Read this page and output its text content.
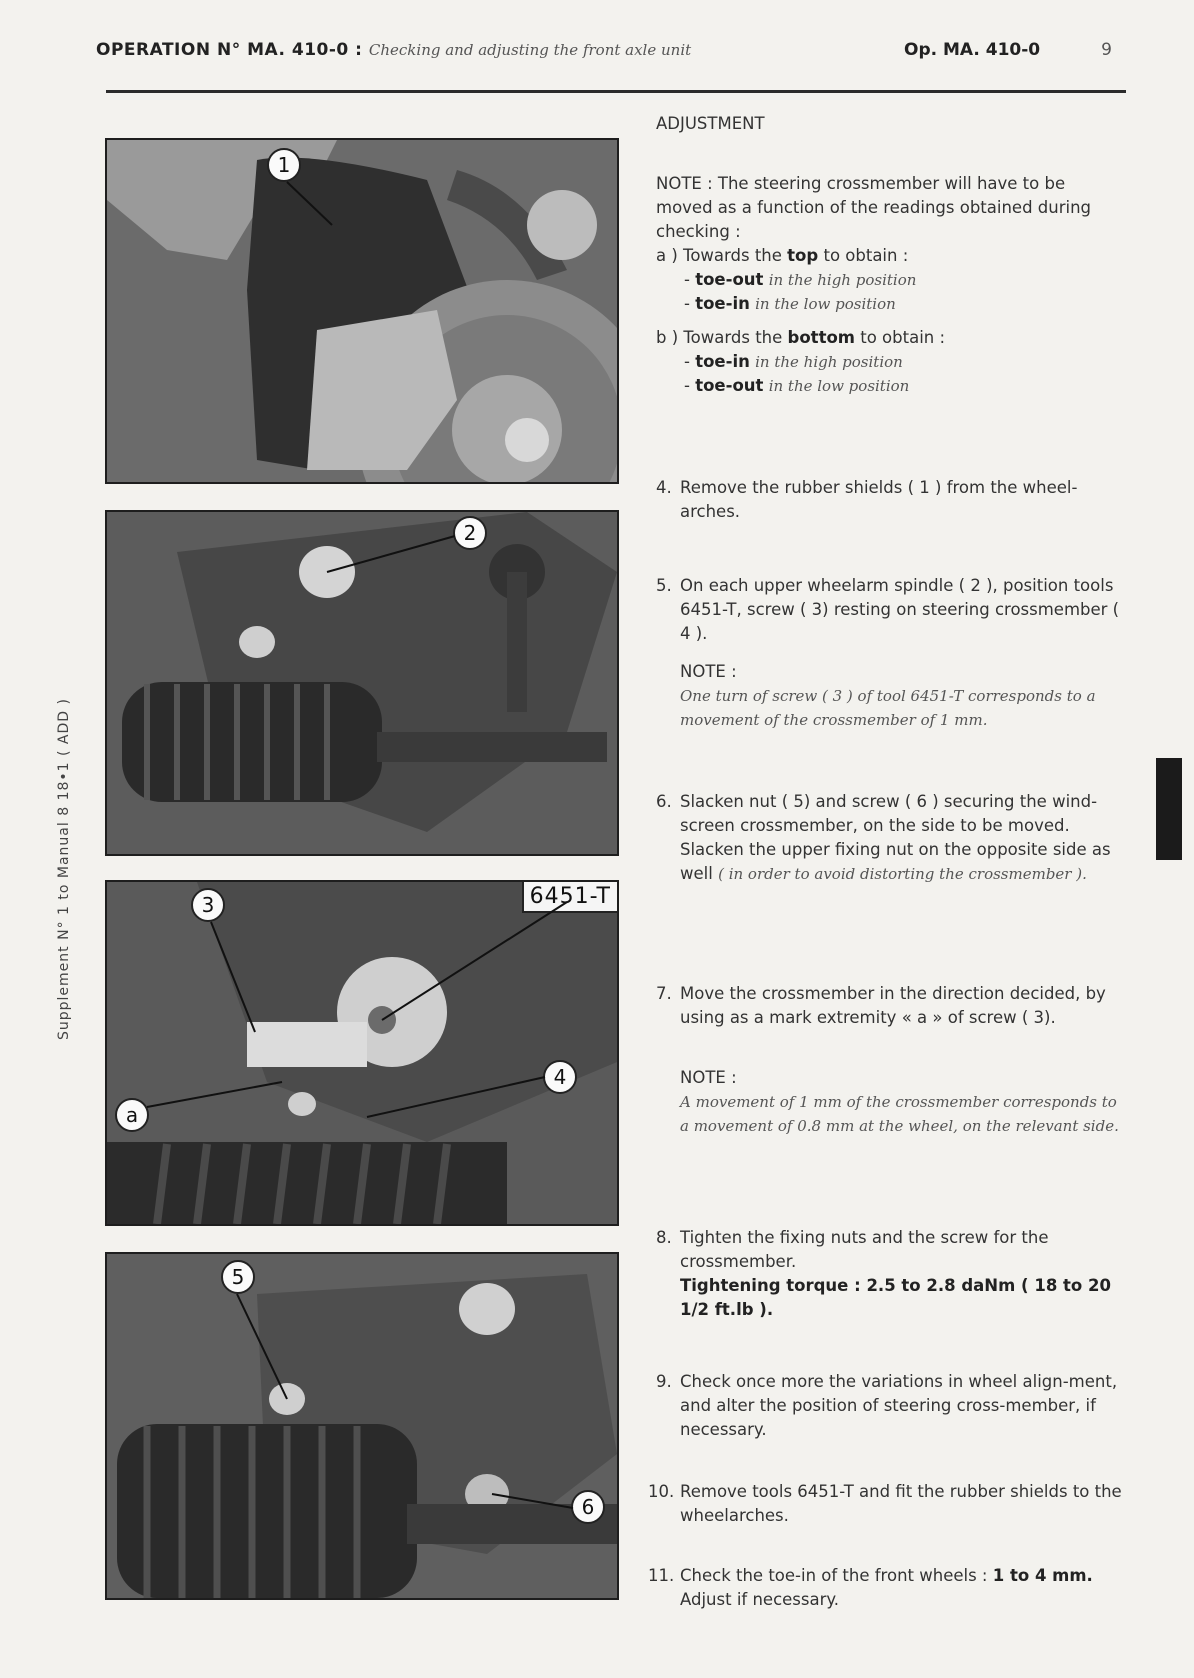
OPERATION N° MA. 410-0 : Checking and adjusting the front axle unit	Op. MA. 410-0	9
Supplement N° 1 to Manual 8 18•1 ( ADD )
1
2
3
4
a
6451-T
5
6
ADJUSTMENT
NOTE : The steering crossmember will have to be moved as a function of the readings obtained during checking :
a ) Towards the top to obtain :
- toe-out in the high position
- toe-in in the low position
b ) Towards the bottom to obtain :
- toe-in in the high position
- toe-out in the low position
4. Remove the rubber shields ( 1 ) from the wheel-arches.
5. On each upper wheelarm spindle ( 2 ), position tools 6451-T, screw ( 3) resting on steering crossmember ( 4 ).
NOTE :
One turn of screw ( 3 ) of tool 6451-T corresponds to a movement of the crossmember of 1 mm.
6. Slacken nut ( 5) and screw ( 6 ) securing the wind-screen crossmember, on the side to be moved. Slacken the upper fixing nut on the opposite side as well ( in order to avoid distorting the crossmember ).
7. Move the crossmember in the direction decided, by using as a mark extremity « a » of screw ( 3).
NOTE :
A movement of 1 mm of the crossmember corresponds to a movement of 0.8 mm at the wheel, on the relevant side.
8. Tighten the fixing nuts and the screw for the crossmember.
Tightening torque : 2.5 to 2.8 daNm ( 18 to 20 1/2 ft.lb ).
9. Check once more the variations in wheel align-ment, and alter the position of steering cross-member, if necessary.
10. Remove tools 6451-T and fit the rubber shields to the wheelarches.
11. Check the toe-in of the front wheels : 1 to 4 mm. Adjust if necessary.
